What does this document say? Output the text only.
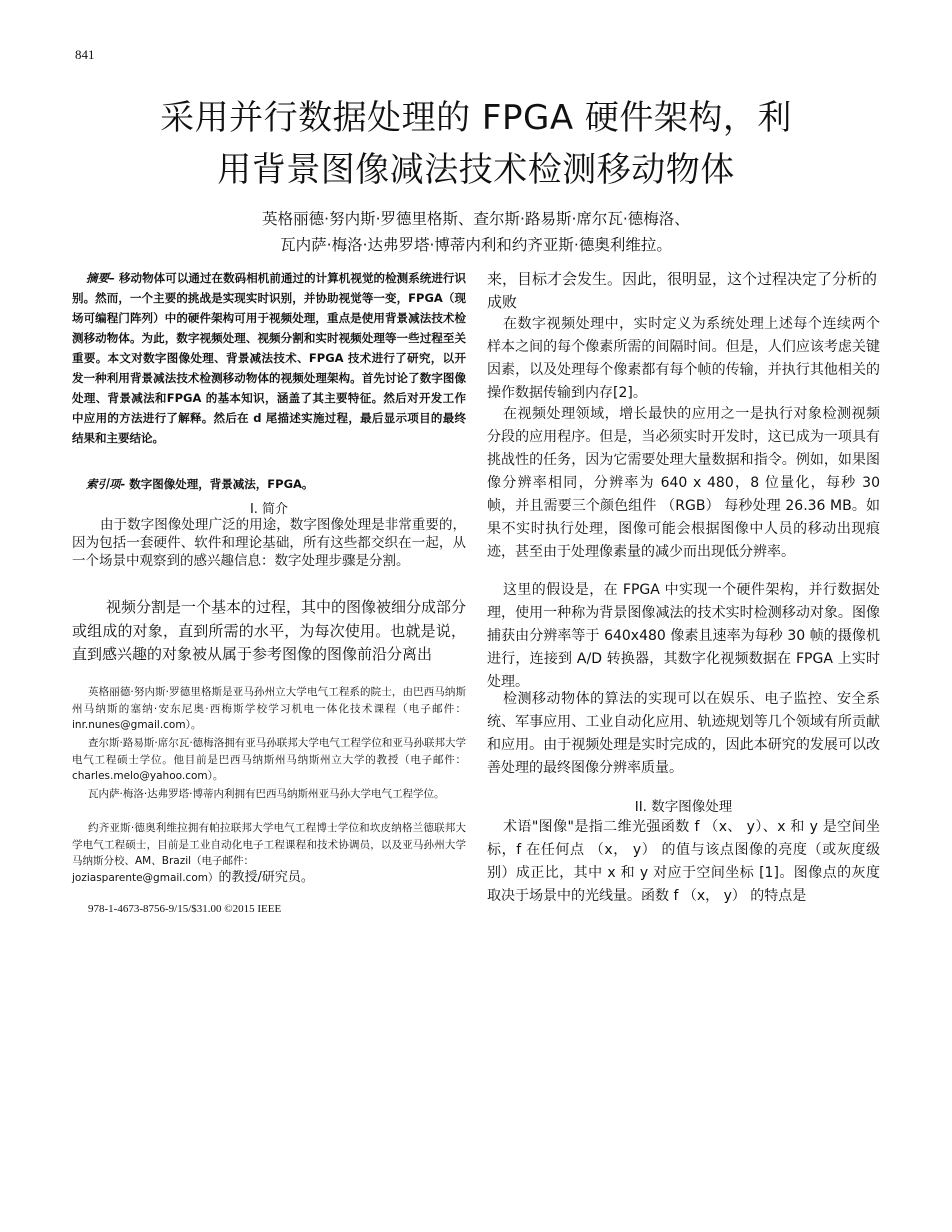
841
采用并行数据处理的 FPGA 硬件架构，利
用背景图像减法技术检测移动物体
英格丽德·努内斯·罗德里格斯、查尔斯·路易斯·席尔瓦·德梅洛、
瓦内萨·梅洛·达弗罗塔·博蒂内利和约齐亚斯·德奥利维拉。
摘要– 移动物体可以通过在数码相机前通过的计算机视觉的检测系统进行识别。然而，一个主要的挑战是实现实时识别，并协助视觉等一变，FPGA（现场可编程门阵列）中的硬件架构可用于视频处理，重点是使用背景减法技术检测移动物体。为此，数字视频处理、视频分割和实时视频处理等一些过程至关重要。本文对数字图像处理、背景减法技术、FPGA 技术进行了研究，以开发一种利用背景减法技术检测移动物体的视频处理架构。首先讨论了数字图像处理、背景减法和FPGA 的基本知识，涵盖了其主要特征。然后对开发工作中应用的方法进行了解释。然后在 d 尾描述实施过程，最后显示项目的最终结果和主要结论。
索引项- 数字图像处理，背景减法，FPGA。
I. 简介
由于数字图像处理广泛的用途，数字图像处理是非常重要的，因为包括一套硬件、软件和理论基础，所有这些都交织在一起，从一个场景中观察到的感兴趣信息：数字处理步骤是分割。
视频分割是一个基本的过程，其中的图像被细分成部分或组成的对象，直到所需的水平，为每次使用。也就是说，直到感兴趣的对象被从属于参考图像的图像前沿分离出
英格丽德·努内斯·罗德里格斯是亚马孙州立大学电气工程系的院士，由巴西马纳斯州马纳斯的塞纳·安东尼奥·西梅斯学校学习机电一体化技术课程（电子邮件： inr.nunes@gmail.com）。
查尔斯·路易斯·席尔瓦·德梅洛拥有亚马孙联邦大学电气工程学位和亚马孙联邦大学电气工程硕士学位。他目前是巴西马纳斯州马纳斯州立大学的教授（电子邮件： charles.melo@yahoo.com）。
瓦内萨·梅洛·达弗罗塔·博蒂内利拥有巴西马纳斯州亚马孙大学电气工程学位。
约齐亚斯·德奥利维拉拥有帕拉联邦大学电气工程博士学位和坎皮纳格兰德联邦大学电气工程硕士，目前是工业自动化电子工程课程和技术协调员，以及亚马孙州大学马纳斯分校、AM、Brazil（电子邮件：
joziasparente@gmail.com）的教授/研究员。
978-1-4673-8756-9/15/$31.00 ©2015 IEEE
来，目标才会发生。因此，很明显，这个过程决定了分析的成败
在数字视频处理中，实时定义为系统处理上述每个连续两个样本之间的每个像素所需的间隔时间。但是，人们应该考虑关键因素，以及处理每个像素都有每个帧的传输，并执行其他相关的操作数据传输到内存[2]。
在视频处理领域，增长最快的应用之一是执行对象检测视频分段的应用程序。但是，当必须实时开发时，这已成为一项具有挑战性的任务，因为它需要处理大量数据和指令。例如，如果图像分辨率相同，分辨率为 640 x 480，8 位量化，每秒 30 帧，并且需要三个颜色组件 （RGB） 每秒处理 26.36 MB。如果不实时执行处理，图像可能会根据图像中人员的移动出现痕迹，甚至由于处理像素量的减少而出现低分辨率。
这里的假设是，在 FPGA 中实现一个硬件架构，并行数据处理，使用一种称为背景图像减法的技术实时检测移动对象。图像捕获由分辨率等于 640x480 像素且速率为每秒 30 帧的摄像机进行，连接到 A/D 转换器，其数字化视频数据在 FPGA 上实时处理。
检测移动物体的算法的实现可以在娱乐、电子监控、安全系统、军事应用、工业自动化应用、轨迹规划等几个领域有所贡献和应用。由于视频处理是实时完成的，因此本研究的发展可以改善处理的最终图像分辨率质量。
II. 数字图像处理
术语"图像"是指二维光强函数 f （x、 y）、x 和 y 是空间坐标，f 在任何点 （x， y） 的值与该点图像的亮度（或灰度级别）成正比，其中 x 和 y 对应于空间坐标 [1]。图像点的灰度取决于场景中的光线量。函数 f （x， y） 的特点是
